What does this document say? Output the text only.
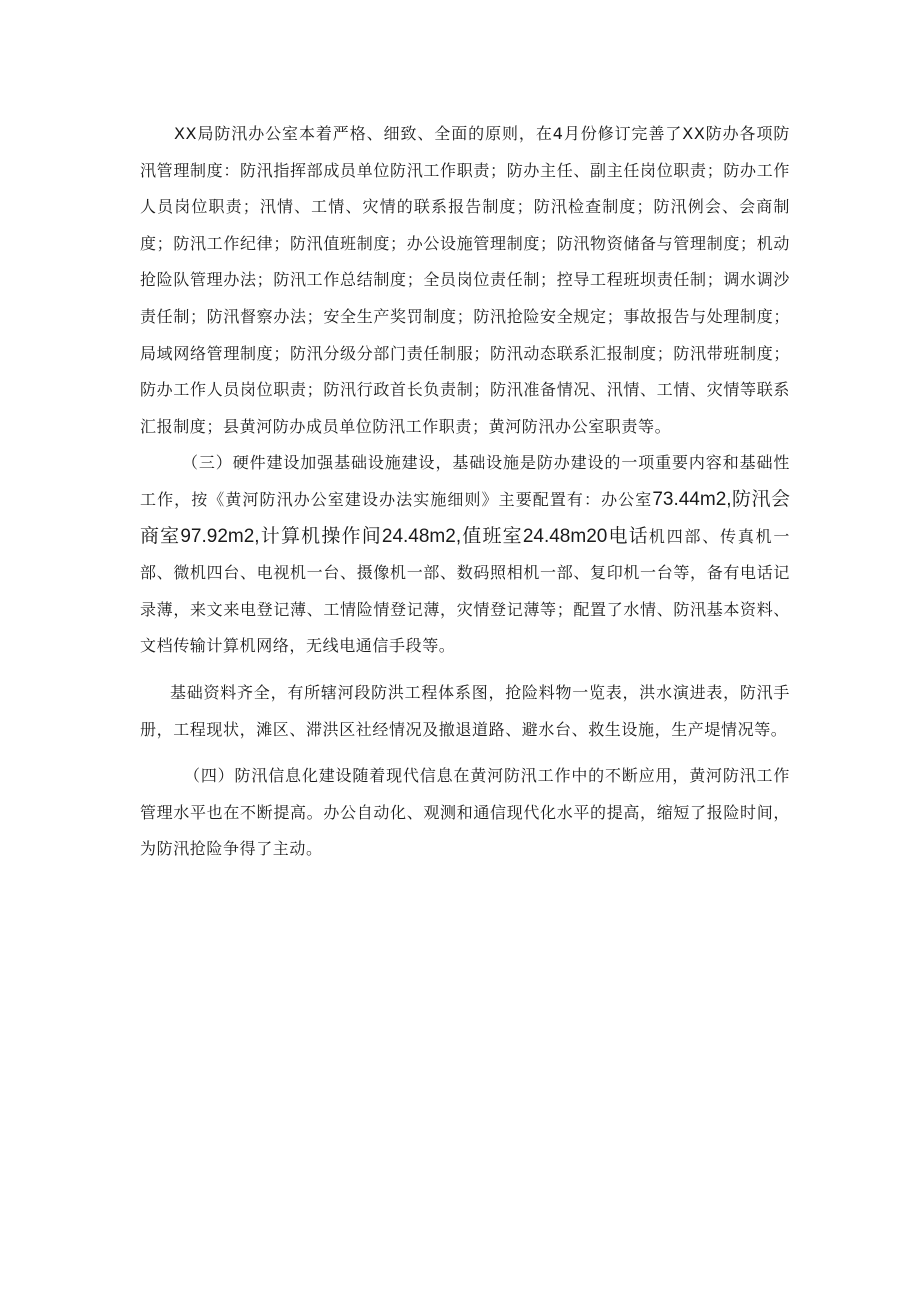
XX局防汛办公室本着严格、细致、全面的原则，在4月份修订完善了XX防办各项防汛管理制度：防汛指挥部成员单位防汛工作职责；防办主任、副主任岗位职责；防办工作人员岗位职责；汛情、工情、灾情的联系报告制度；防汛检查制度；防汛例会、会商制度；防汛工作纪律；防汛值班制度；办公设施管理制度；防汛物资储备与管理制度；机动抢险队管理办法；防汛工作总结制度；全员岗位责任制；控导工程班坝责任制；调水调沙责任制；防汛督察办法；安全生产奖罚制度；防汛抢险安全规定；事故报告与处理制度；局域网络管理制度；防汛分级分部门责任制服；防汛动态联系汇报制度；防汛带班制度；防办工作人员岗位职责；防汛行政首长负责制；防汛准备情况、汛情、工情、灾情等联系汇报制度；县黄河防办成员单位防汛工作职责；黄河防汛办公室职责等。

（三）硬件建设加强基础设施建设，基础设施是防办建设的一项重要内容和基础性工作，按《黄河防汛办公室建设办法实施细则》主要配置有：办公室73.44m2,防汛会商室97.92m2,计算机操作间24.48m2,值班室24.48m20电话机四部、传真机一部、微机四台、电视机一台、摄像机一部、数码照相机一部、复印机一台等，备有电话记录薄，来文来电登记薄、工情险情登记薄，灾情登记薄等；配置了水情、防汛基本资料、文档传输计算机网络，无线电通信手段等。

基础资料齐全，有所辖河段防洪工程体系图，抢险料物一览表，洪水演进表，防汛手册，工程现状，滩区、滞洪区社经情况及撤退道路、避水台、救生设施，生产堤情况等。

（四）防汛信息化建设随着现代信息在黄河防汛工作中的不断应用，黄河防汛工作管理水平也在不断提高。办公自动化、观测和通信现代化水平的提高，缩短了报险时间，为防汛抢险争得了主动。
